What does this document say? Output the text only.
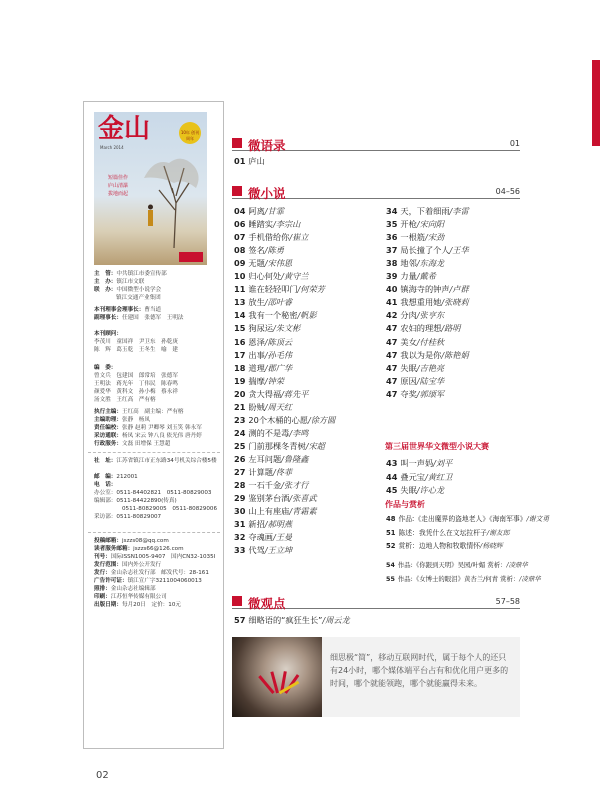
金山
March 2014
10年 创刊周年
短篇佳作
庐山清瀑
拔地而起
主　管：中共镇江市委宣传部
主　办：镇江市文联
联　办：中国微型小说学会
镇江交通产业集团
本刊理事会理事长：曹当道
副理事长：任建国　张德军　王明法
本刊顾问：
李茂川　童国祥　尹卫东　孙乾庚
陈　辉　葛玉乾　王冬生　喻　建
编　委：
曾文兵　包建国　郎常培　张德军
王明法　蒋光年　丁伟民　陈春鸣
颜爱华　黄科文　孙小梅　蔡永祥
汤文胜　王红高　严有榕
执行主编：王红高　副主编：严有榕
主编助理：张静　杨凤
责任编校：张静 赵莉 尹卿琴 刘玉笑 韩永军
采访通联：杨凤 宋云 钟八良 依光伟 唐丹婷
行政服务：文磊 田增保 王慧超
社　址：江苏省镇江市正东路34号机关综合楼5楼
邮　编：212001
电　话：
办公室：0511-84402821　0511-80829003
编辑部：0511-84422890(传真)
0511-80829005　0511-80829006
采访部：0511-80829007
投稿邮箱：jszzs08@qq.com
读者服务邮箱：jszzs66@126.com
刊号：国际ISSN1005-9407　国内CN32-1035I
发行范围：国内外公开发行
发行：金山杂志社发行部　邮发代号：28-161
广告许可证：镇江宣广字3211004060013
照排：金山杂志社编辑部
印刷：江苏恒华传媒有限公司
出版日期：每月20日　定价：10元
微语录	01
01 庐山
微小说	04–56
04 阿离/甘霏
06 睡踏实/李宗山
07 手机借给你/崔立
08 签名/陈勇
09 无题/宋伟恩
10 归心何处/黄守兰
11 谁在轻轻叩门/何荣芳
13 放生/邵叶睿
14 我有一个秘密/帆影
15 狗尿运/朱文彬
16 恩泽/陈顶云
17 出事/孙毛伟
18 道理/郡广华
19 揣摩/钟荣
20 贪大得福/蒋先平
21 盼贼/周天红
23 20个木桶的心愿/徐方圆
24 测的不是毒/李鸣
25 门前那棵冬青树/宋超
26 左耳问题/鲁隆鑫
27 计算题/佟菲
28 一石千金/张才行
29 鉴别茅台酒/张喜武
30 山上有座庙/青霜素
31 新招/郝明燕
32 夺魂画/王曼
33 代驾/王立坤
34 天，下着细雨/李雷
35 开枪/宋向阳
36 一根筋/宋劲
37 局长撞了个人/王华
38 地邻/东海龙
39 力量/戴希
40 镇海寺的钟声/卢群
41 我想重用她/张晓莉
42 分肉/张亨东
47 农妇的理想/路明
47 美女/付桂秋
47 我以为是你/陈艳娟
47 失眠/吉艳亮
47 原因/陆宝华
47 夺奖/郭颂军
第三届世界华文微型小说大赛
43 叫一声妈/刘平
44 叠元宝/黄红卫
45 失眠/许心龙
作品与赏析
48 作品:《走出魔界的盗地老人》《海南军事》/谢文勇
51 陈述：我凭什么在文坛拉杆子/谢友郎
52 赏析：边地人物和牧歌情怀/杨晓辉
54 作品:《你跟到天明》吴园/叶媚 赏析：/凌鼎华
55 作品:《女博士的眼泪》黄杏兰/何青 赏析：/凌鼎华
微观点	57–58
57 细略语的“疯狂生长”/周云龙
细思极“简”，移动互联网时代，属于每个人的还只有24小时，哪个媒体端平台占有和优化用户更多的时间，哪个就能领跑，哪个就能赢得未来。
02
